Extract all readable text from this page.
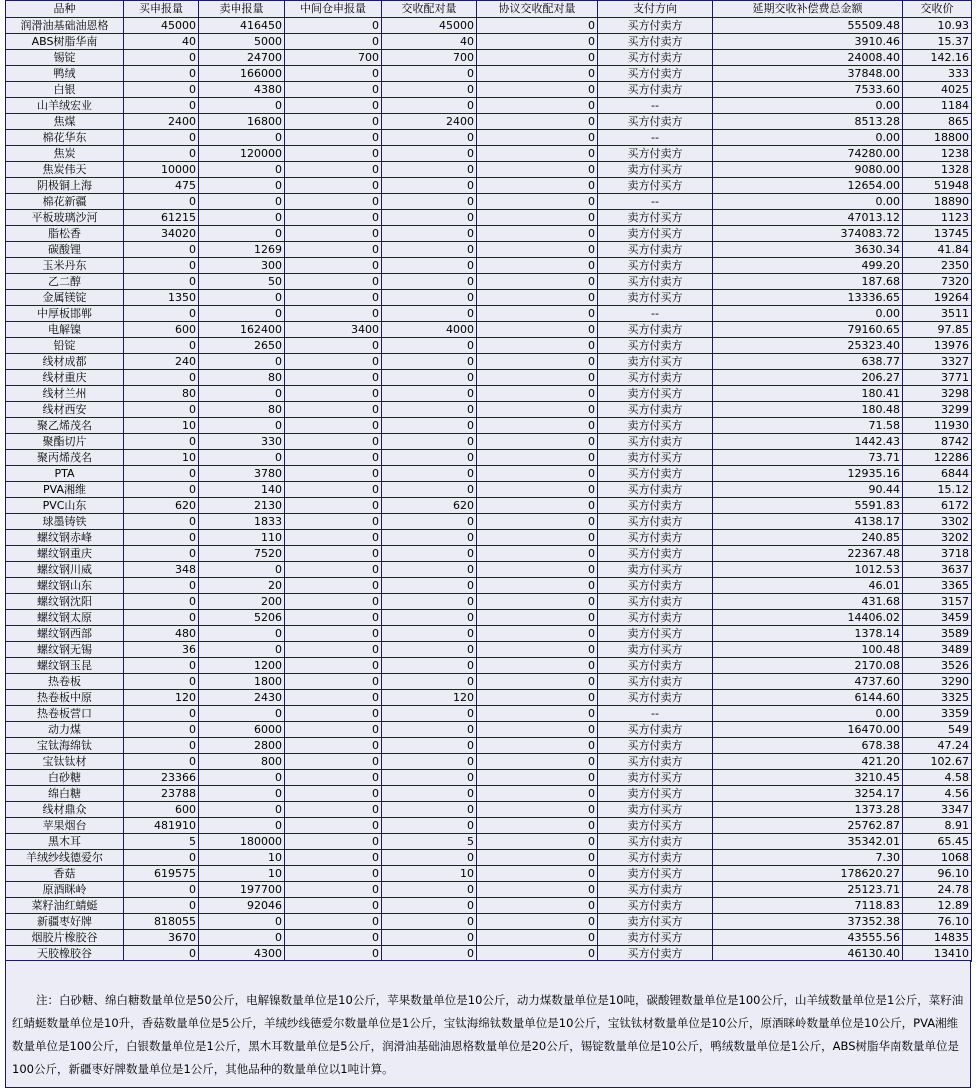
品种	买申报量	卖申报量	中间仓申报量	交收配对量	协议交收配对量	支付方向	延期交收补偿费总金额	交收价
润滑油基础油恩格	45000	416450	0	45000	0	买方付卖方	55509.48	10.93
ABS树脂华南	40	5000	0	40	0	买方付卖方	3910.46	15.37
锡锭	0	24700	700	700	0	买方付卖方	24008.40	142.16
鸭绒	0	166000	0	0	0	买方付卖方	37848.00	333
白银	0	4380	0	0	0	买方付卖方	7533.60	4025
山羊绒宏业	0	0	0	0	0	--	0.00	1184
焦煤	2400	16800	0	2400	0	买方付卖方	8513.28	865
棉花华东	0	0	0	0	0	--	0.00	18800
焦炭	0	120000	0	0	0	买方付卖方	74280.00	1238
焦炭伟天	10000	0	0	0	0	卖方付买方	9080.00	1328
阴极铜上海	475	0	0	0	0	卖方付买方	12654.00	51948
棉花新疆	0	0	0	0	0	--	0.00	18890
平板玻璃沙河	61215	0	0	0	0	卖方付买方	47013.12	1123
脂松香	34020	0	0	0	0	卖方付买方	374083.72	13745
碳酸锂	0	1269	0	0	0	买方付卖方	3630.34	41.84
玉米丹东	0	300	0	0	0	买方付卖方	499.20	2350
乙二醇	0	50	0	0	0	买方付卖方	187.68	7320
金属镁锭	1350	0	0	0	0	卖方付买方	13336.65	19264
中厚板邯郸	0	0	0	0	0	--	0.00	3511
电解镍	600	162400	3400	4000	0	买方付卖方	79160.65	97.85
铅锭	0	2650	0	0	0	买方付卖方	25323.40	13976
线材成都	240	0	0	0	0	卖方付买方	638.77	3327
线材重庆	0	80	0	0	0	买方付卖方	206.27	3771
线材兰州	80	0	0	0	0	卖方付买方	180.41	3298
线材西安	0	80	0	0	0	买方付卖方	180.48	3299
聚乙烯茂名	10	0	0	0	0	卖方付买方	71.58	11930
聚酯切片	0	330	0	0	0	买方付卖方	1442.43	8742
聚丙烯茂名	10	0	0	0	0	卖方付买方	73.71	12286
PTA	0	3780	0	0	0	买方付卖方	12935.16	6844
PVA湘维	0	140	0	0	0	买方付卖方	90.44	15.12
PVC山东	620	2130	0	620	0	买方付卖方	5591.83	6172
球墨铸铁	0	1833	0	0	0	买方付卖方	4138.17	3302
螺纹钢赤峰	0	110	0	0	0	买方付卖方	240.85	3202
螺纹钢重庆	0	7520	0	0	0	买方付卖方	22367.48	3718
螺纹钢川威	348	0	0	0	0	卖方付买方	1012.53	3637
螺纹钢山东	0	20	0	0	0	买方付卖方	46.01	3365
螺纹钢沈阳	0	200	0	0	0	买方付卖方	431.68	3157
螺纹钢太原	0	5206	0	0	0	买方付卖方	14406.02	3459
螺纹钢西部	480	0	0	0	0	卖方付买方	1378.14	3589
螺纹钢无锡	36	0	0	0	0	卖方付买方	100.48	3489
螺纹钢玉昆	0	1200	0	0	0	买方付卖方	2170.08	3526
热卷板	0	1800	0	0	0	买方付卖方	4737.60	3290
热卷板中原	120	2430	0	120	0	买方付卖方	6144.60	3325
热卷板营口	0	0	0	0	0	--	0.00	3359
动力煤	0	6000	0	0	0	买方付卖方	16470.00	549
宝钛海绵钛	0	2800	0	0	0	买方付卖方	678.38	47.24
宝钛钛材	0	800	0	0	0	买方付卖方	421.20	102.67
白砂糖	23366	0	0	0	0	卖方付买方	3210.45	4.58
绵白糖	23788	0	0	0	0	卖方付买方	3254.17	4.56
线材鼎众	600	0	0	0	0	卖方付买方	1373.28	3347
苹果烟台	481910	0	0	0	0	卖方付买方	25762.87	8.91
黑木耳	5	180000	0	5	0	买方付卖方	35342.01	65.45
羊绒纱线德爱尔	0	10	0	0	0	买方付卖方	7.30	1068
香菇	619575	10	0	10	0	卖方付买方	178620.27	96.10
原酒眯岭	0	197700	0	0	0	买方付卖方	25123.71	24.78
菜籽油红蜻蜓	0	92046	0	0	0	买方付卖方	7118.83	12.89
新疆枣好牌	818055	0	0	0	0	卖方付买方	37352.38	76.10
烟胶片橡胶谷	3670	0	0	0	0	卖方付买方	43555.56	14835
天胶橡胶谷	0	4300	0	0	0	买方付卖方	46130.40	13410
注：白砂糖、绵白糖数量单位是50公斤，电解镍数量单位是10公斤，苹果数量单位是10公斤，动力煤数量单位是10吨，碳酸锂数量单位是100公斤，山羊绒数量单位是1公斤，菜籽油红蜻蜓数量单位是10升，香菇数量单位是5公斤，羊绒纱线德爱尔数量单位是1公斤，宝钛海绵钛数量单位是10公斤，宝钛钛材数量单位是10公斤，原酒眯岭数量单位是10公斤，PVA湘维数量单位是100公斤，白银数量单位是1公斤，黑木耳数量单位是5公斤，润滑油基础油恩格数量单位是20公斤，锡锭数量单位是10公斤，鸭绒数量单位是1公斤，ABS树脂华南数量单位是100公斤，新疆枣好牌数量单位是1公斤，其他品种的数量单位以1吨计算。
